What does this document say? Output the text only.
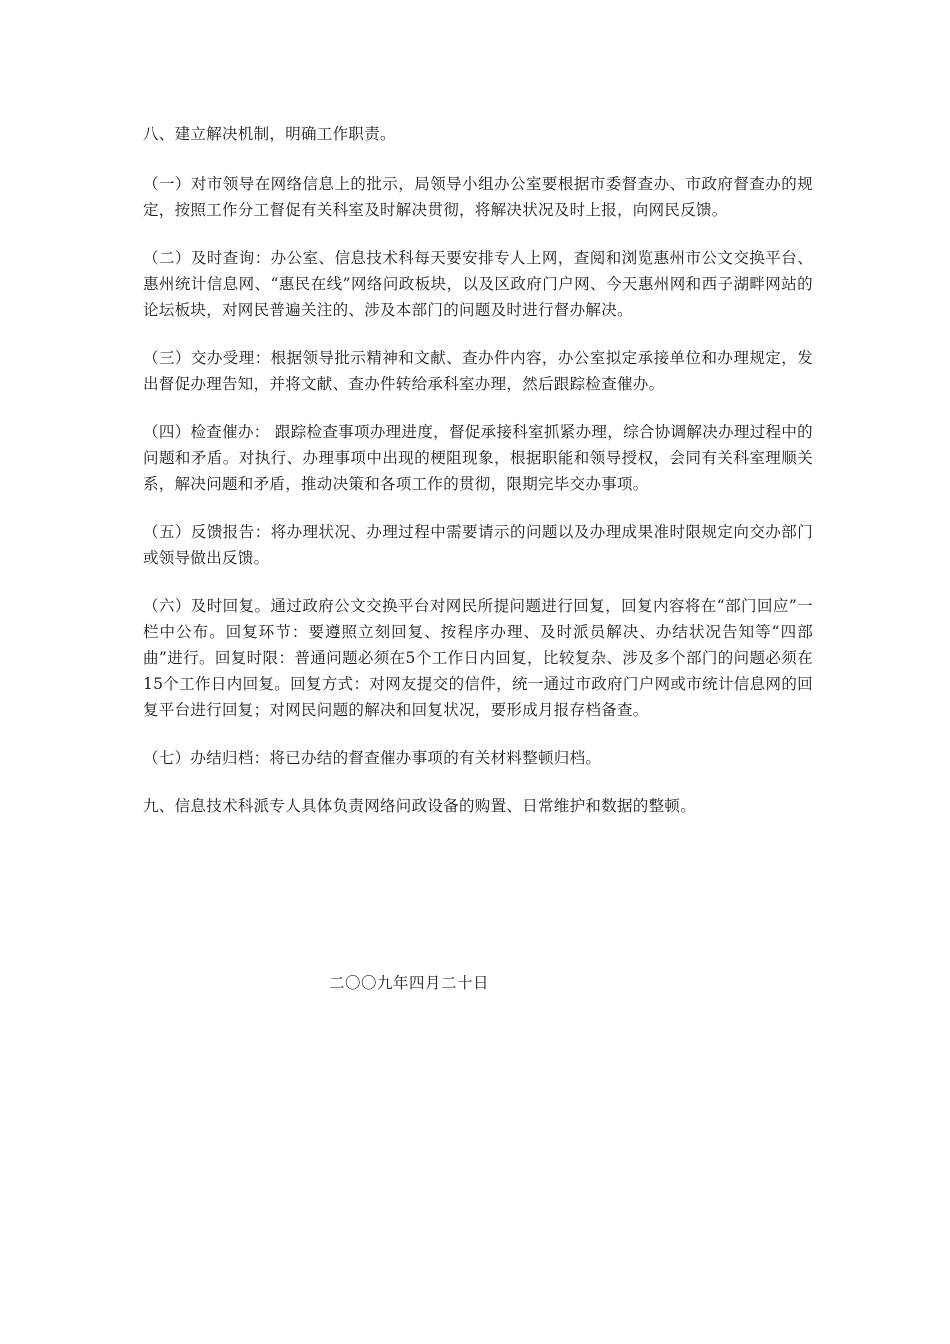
八、建立解决机制，明确工作职责。

（一）对市领导在网络信息上的批示，局领导小组办公室要根据市委督查办、市政府督查办的规定，按照工作分工督促有关科室及时解决贯彻，将解决状况及时上报，向网民反馈。

（二）及时查询：办公室、信息技术科每天要安排专人上网，查阅和浏览惠州市公文交换平台、惠州统计信息网、“惠民在线”网络问政板块，以及区政府门户网、今天惠州网和西子湖畔网站的论坛板块，对网民普遍关注的、涉及本部门的问题及时进行督办解决。

（三）交办受理：根据领导批示精神和文献、查办件内容，办公室拟定承接单位和办理规定，发出督促办理告知，并将文献、查办件转给承科室办理，然后跟踪检查催办。

（四）检查催办： 跟踪检查事项办理进度，督促承接科室抓紧办理，综合协调解决办理过程中的问题和矛盾。对执行、办理事项中出现的梗阻现象，根据职能和领导授权，会同有关科室理顺关系，解决问题和矛盾，推动决策和各项工作的贯彻，限期完毕交办事项。

（五）反馈报告：将办理状况、办理过程中需要请示的问题以及办理成果准时限规定向交办部门或领导做出反馈。

（六）及时回复。通过政府公文交换平台对网民所提问题进行回复，回复内容将在“部门回应”一栏中公布。回复环节：要遵照立刻回复、按程序办理、及时派员解决、办结状况告知等“四部曲”进行。回复时限：普通问题必须在5个工作日内回复，比较复杂、涉及多个部门的问题必须在15个工作日内回复。回复方式：对网友提交的信件，统一通过市政府门户网或市统计信息网的回复平台进行回复；对网民问题的解决和回复状况，要形成月报存档备查。

（七）办结归档：将已办结的督查催办事项的有关材料整顿归档。

九、信息技术科派专人具体负责网络问政设备的购置、日常维护和数据的整顿。

二〇〇九年四月二十日
